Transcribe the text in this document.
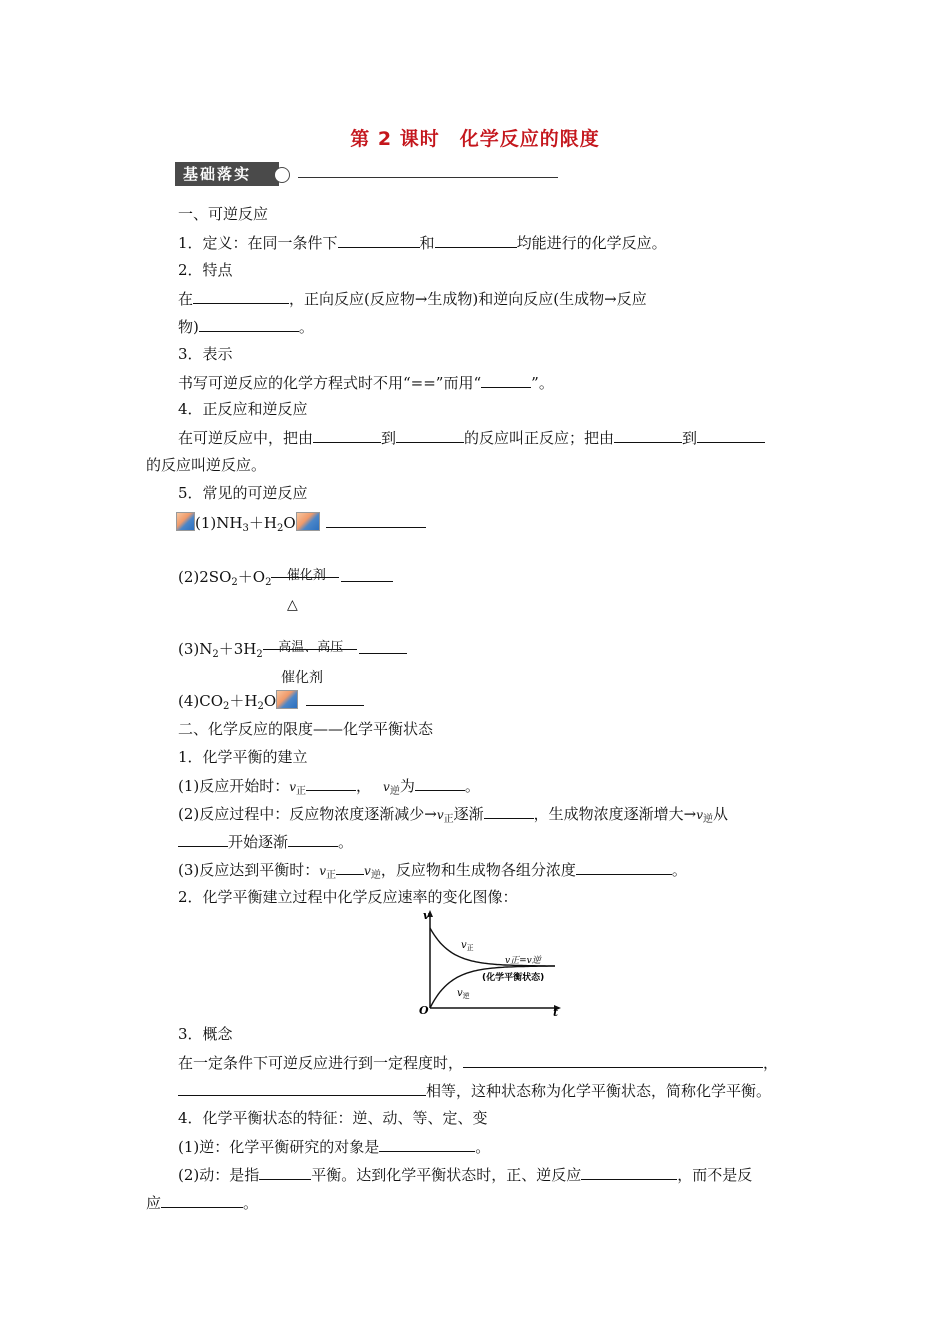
第 2 课时　化学反应的限度
基础落实
一、可逆反应
1．定义：在同一条件下	和	均能进行的化学反应。
2．特点
在	，正向反应(反应物→生成物)和逆向反应(生成物→反应
物)	。
3．表示
书写可逆反应的化学方程式时不用“==”而用“	”。
4．正反应和逆反应
在可逆反应中，把由	到	的反应叫正反应；把由	到
的反应叫逆反应。
5．常见的可逆反应
$(1)NH_3+H_2O$
$(2)2SO_2+O_2$	催化剂
△
$(3)N_2+3H_2$	高温、高压
催化剂
$(4)CO_2+H_2O$
二、化学反应的限度——化学平衡状态
1．化学平衡的建立
(1)反应开始时：$v_正$	， $v_逆$为	。
(2)反应过程中：反应物浓度逐渐减少$\to v_正$逐渐	，生成物浓度逐渐增大$\to v_逆$从
开始逐渐	。
(3)反应达到平衡时：$v_正$ $v_逆$，反应物和生成物各组分浓度	。
2．化学平衡建立过程中化学反应速率的变化图像：
v
O	t
$v_正$
$v_逆$
v正=v逆
(化学平衡状态)
3．概念
在一定条件下可逆反应进行到一定程度时，	，
相等，这种状态称为化学平衡状态，简称化学平衡。
4．化学平衡状态的特征：逆、动、等、定、变
(1)逆：化学平衡研究的对象是	。
(2)动：是指	平衡。达到化学平衡状态时，正、逆反应	，而不是反
应	。
